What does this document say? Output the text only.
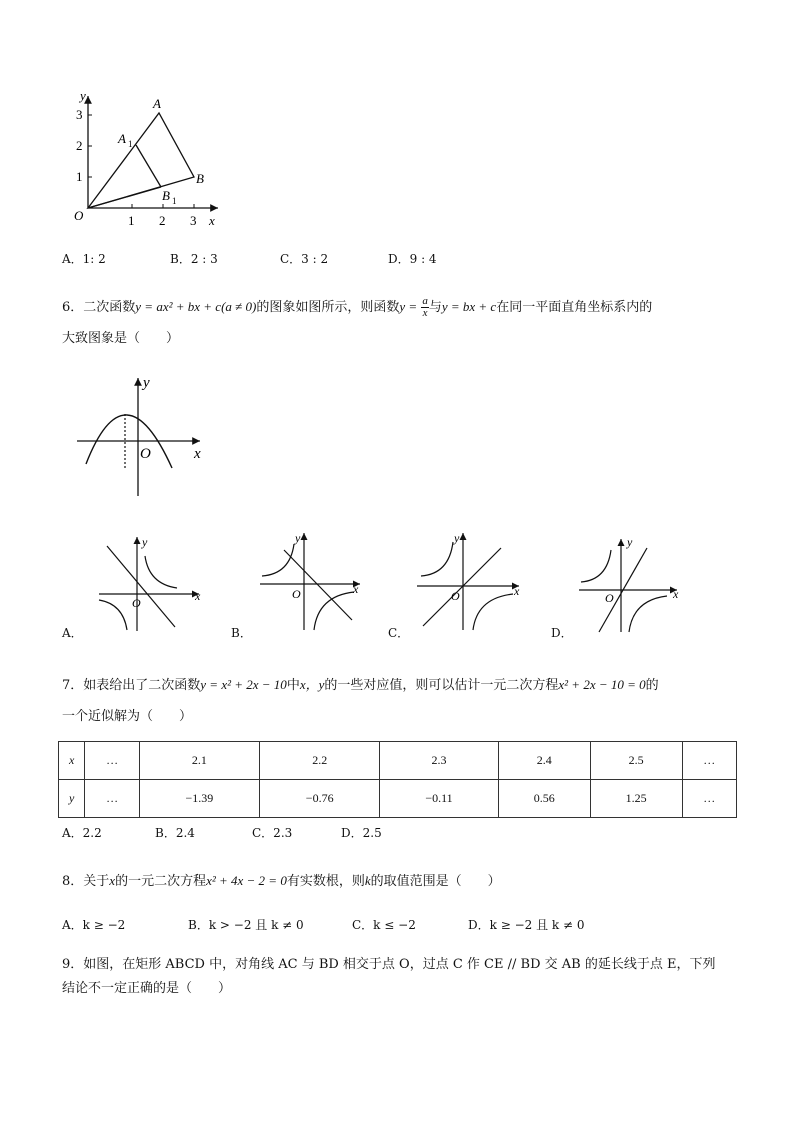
y
x
O
3
2
1
1 2 3
A
A 1
B
B 1
A．1: 2	B．2 : 3	C．3 : 2	D．9 : 4
6．二次函数y = ax² + bx + c(a ≠ 0)的图象如图所示，则函数$y = \frac{a}{x}$ 与y = bx + c在同一平面直角坐标系内的
大致图象是（　　）
y
x
O
y
x
O
A．
y
x
O
B．
y
x
O
C．
y
x
O
D．
7．如表给出了二次函数y = x² + 2x − 10中x，y的一些对应值，则可以估计一元二次方程x² + 2x − 10 = 0的
一个近似解为（　　）
x	…	2.1	2.2	2.3	2.4	2.5	…
y	…	−1.39	−0.76	−0.11	0.56	1.25	…
A．2.2	B．2.4	C．2.3	D．2.5
8．关于x的一元二次方程x² + 4x − 2 = 0有实数根，则k的取值范围是（　　）
A．k ≥ −2	B．k > −2 且 k ≠ 0	C．k ≤ −2	D．k ≥ −2 且 k ≠ 0
9．如图，在矩形 ABCD 中，对角线 AC 与 BD 相交于点 O，过点 C 作 CE // BD 交 AB 的延长线于点 E，下列
结论不一定正确的是（　　）
